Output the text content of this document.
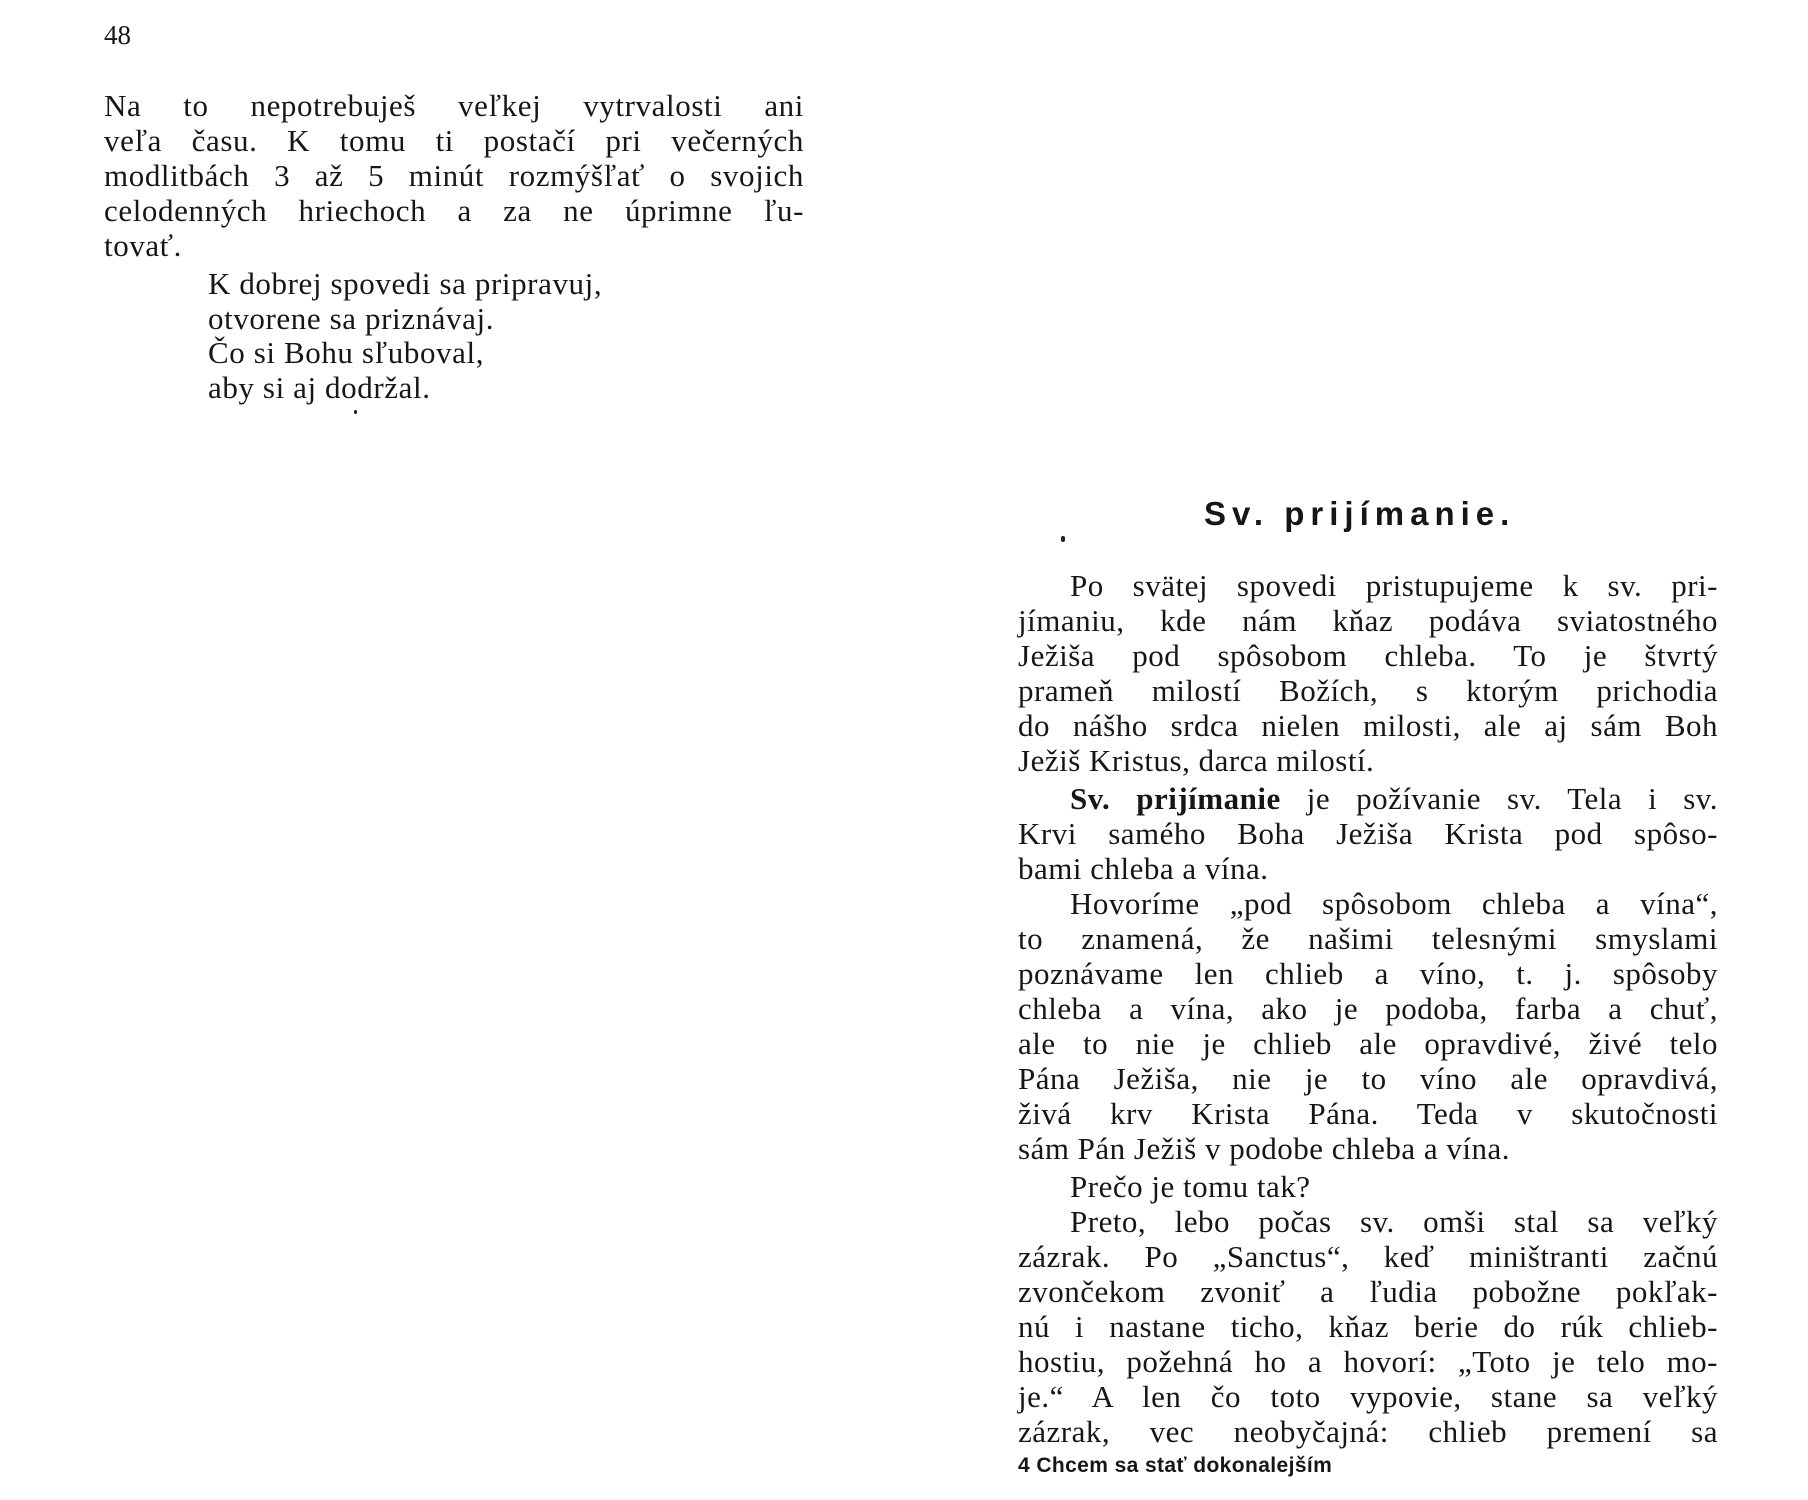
48
Na to nepotrebuješ veľkej vytrvalosti ani
veľa času. K tomu ti postačí pri večerných
modlitbách 3 až 5 minút rozmýšľať o svojich
celodenných hriechoch a za ne úprimne ľu-
tovať.
K dobrej spovedi sa pripravuj,
otvorene sa priznávaj.
Čo si Bohu sľuboval,
aby si aj dodržal.
Sv. prijímanie.
Po svätej spovedi pristupujeme k sv. pri-
jímaniu, kde nám kňaz podáva sviatostného
Ježiša pod spôsobom chleba. To je štvrtý
prameň milostí Božích, s ktorým prichodia
do nášho srdca nielen milosti, ale aj sám Boh
Ježiš Kristus, darca milostí.
Sv. prijímanie je požívanie sv. Tela i sv.
Krvi samého Boha Ježiša Krista pod spôso-
bami chleba a vína.
Hovoríme „pod spôsobom chleba a vína“,
to znamená, že našimi telesnými smyslami
poznávame len chlieb a víno, t. j. spôsoby
chleba a vína, ako je podoba, farba a chuť,
ale to nie je chlieb ale opravdivé, živé telo
Pána Ježiša, nie je to víno ale opravdivá,
živá krv Krista Pána. Teda v skutočnosti
sám Pán Ježiš v podobe chleba a vína.
Prečo je tomu tak?
Preto, lebo počas sv. omši stal sa veľký
zázrak. Po „Sanctus“, keď miništranti začnú
zvončekom zvoniť a ľudia pobožne pokľak-
nú i nastane ticho, kňaz berie do rúk chlieb-
hostiu, požehná ho a hovorí: „Toto je telo mo-
je.“ A len čo toto vypovie, stane sa veľký
zázrak, vec neobyčajná: chlieb premení sa
4 Chcem sa stať dokonalejším
